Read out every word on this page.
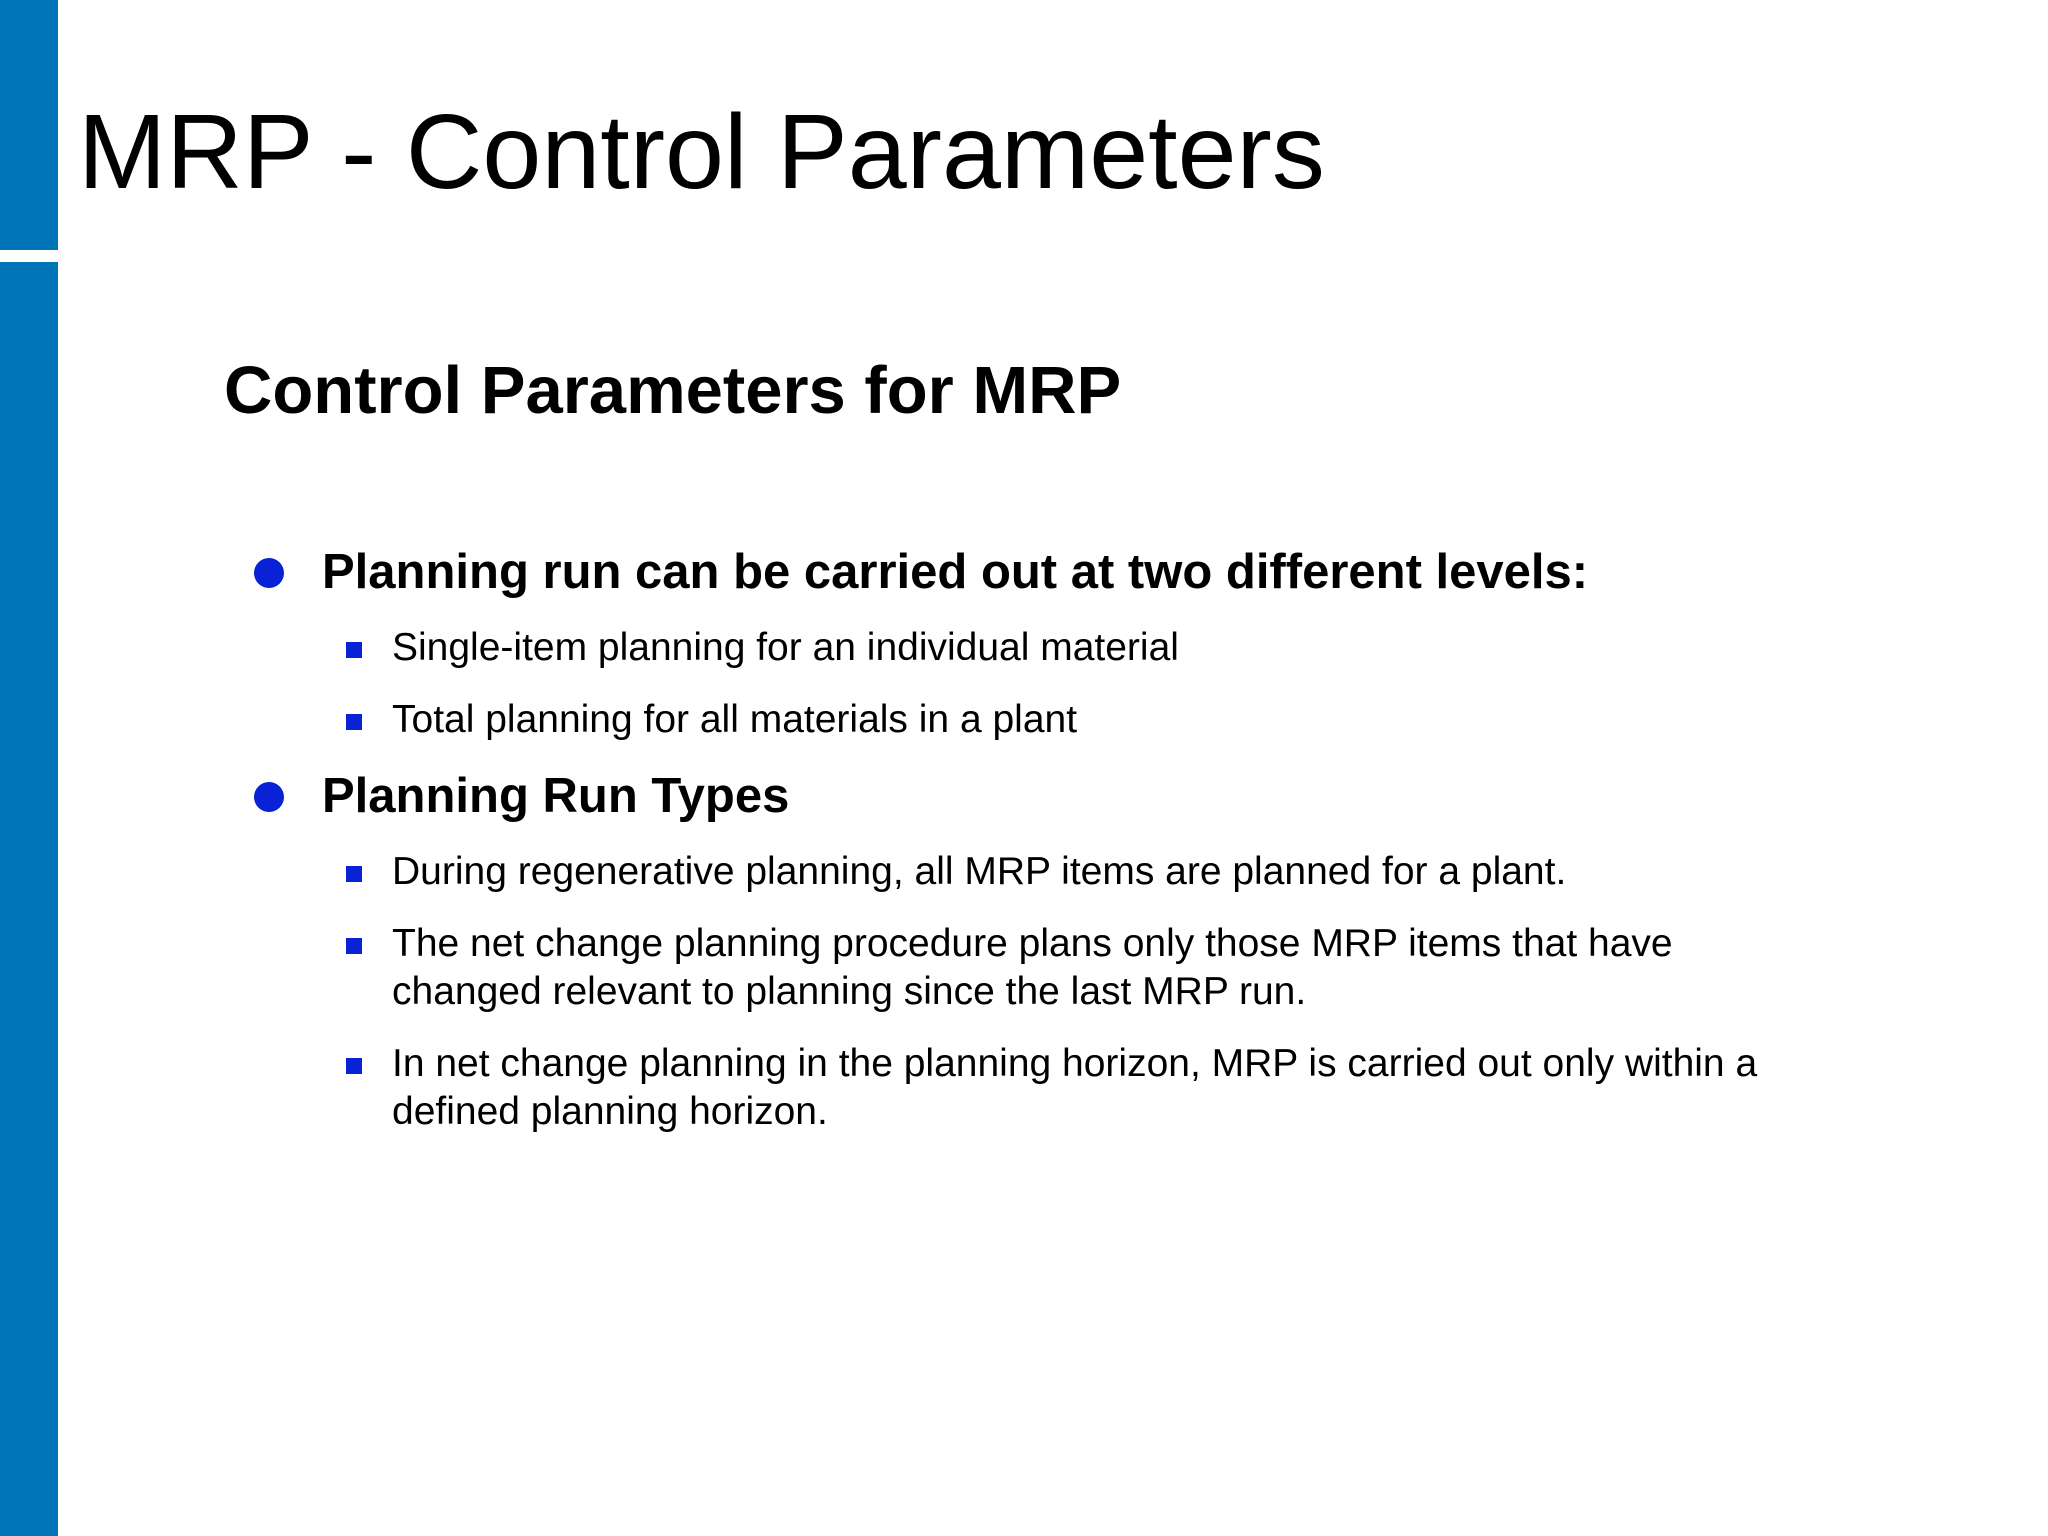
MRP - Control Parameters
Control Parameters for MRP
Planning run can be carried out at two different levels:
Single-item planning for an individual material
Total planning for all materials in a plant
Planning Run Types
During regenerative planning, all MRP items are planned for a plant.
The net change planning procedure plans only those MRP items that have changed relevant to planning since the last MRP run.
In net change planning in the planning horizon, MRP is carried out only within a defined planning horizon.
